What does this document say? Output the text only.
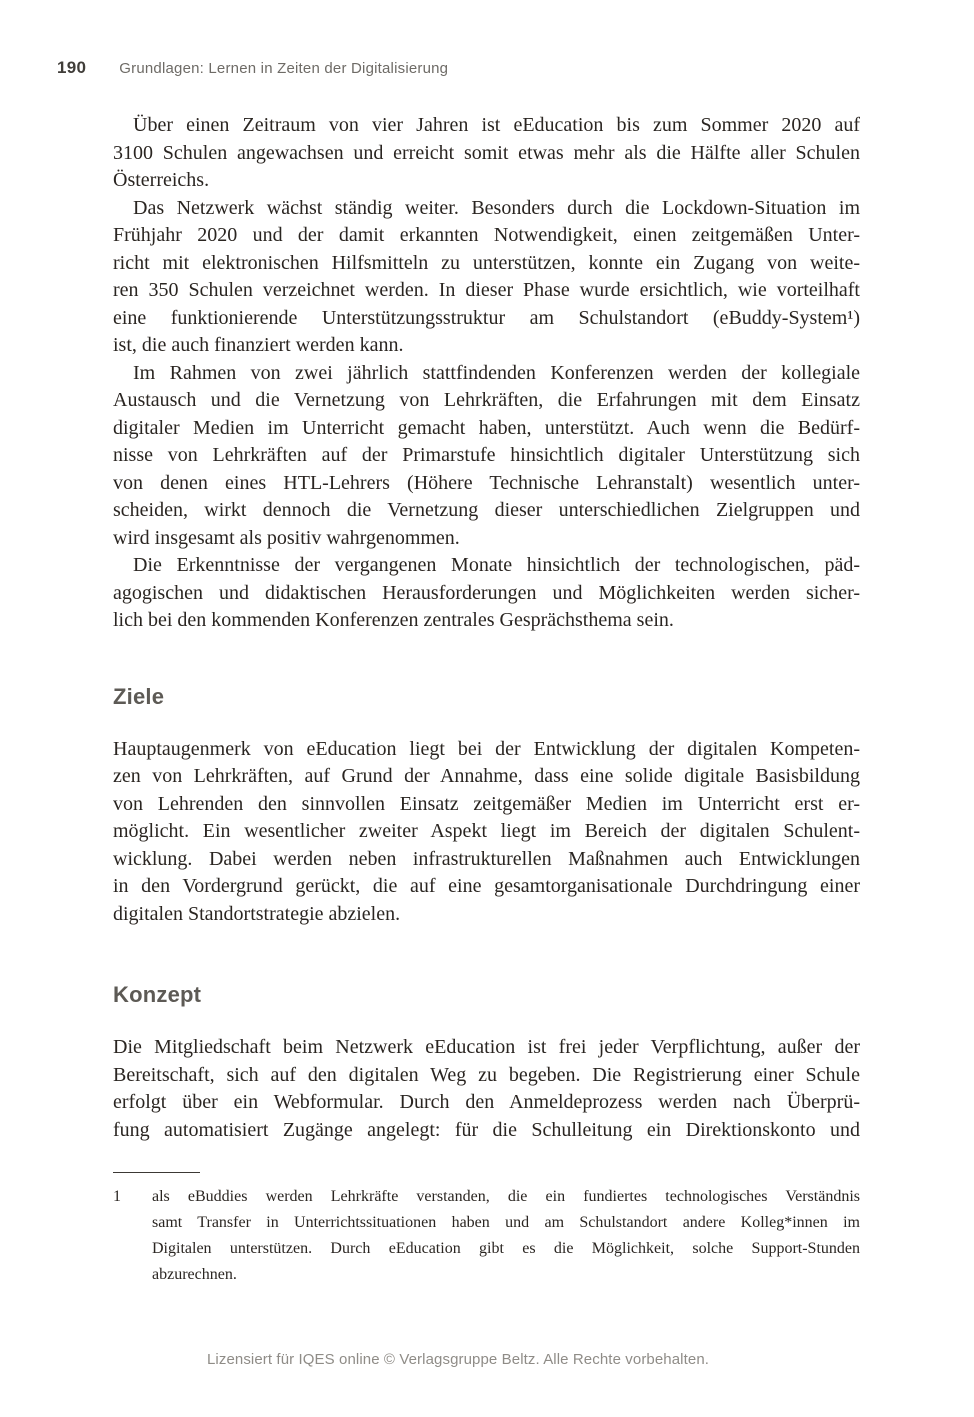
190 Grundlagen: Lernen in Zeiten der Digitalisierung
Über einen Zeitraum von vier Jahren ist eEducation bis zum Sommer 2020 auf
3100 Schulen angewachsen und erreicht somit etwas mehr als die Hälfte aller Schulen
Österreichs.
Das Netzwerk wächst ständig weiter. Besonders durch die Lockdown-Situation im
Frühjahr 2020 und der damit erkannten Notwendigkeit, einen zeitgemäßen Unter-
richt mit elektronischen Hilfsmitteln zu unterstützen, konnte ein Zugang von weite-
ren 350 Schulen verzeichnet werden. In dieser Phase wurde ersichtlich, wie vorteilhaft
eine funktionierende Unterstützungsstruktur am Schulstandort (eBuddy-System¹)
ist, die auch finanziert werden kann.
Im Rahmen von zwei jährlich stattfindenden Konferenzen werden der kollegiale
Austausch und die Vernetzung von Lehrkräften, die Erfahrungen mit dem Einsatz
digitaler Medien im Unterricht gemacht haben, unterstützt. Auch wenn die Bedürf-
nisse von Lehrkräften auf der Primarstufe hinsichtlich digitaler Unterstützung sich
von denen eines HTL-Lehrers (Höhere Technische Lehranstalt) wesentlich unter-
scheiden, wirkt dennoch die Vernetzung dieser unterschiedlichen Zielgruppen und
wird insgesamt als positiv wahrgenommen.
Die Erkenntnisse der vergangenen Monate hinsichtlich der technologischen, päd-
agogischen und didaktischen Herausforderungen und Möglichkeiten werden sicher-
lich bei den kommenden Konferenzen zentrales Gesprächsthema sein.
Ziele
Hauptaugenmerk von eEducation liegt bei der Entwicklung der digitalen Kompeten-
zen von Lehrkräften, auf Grund der Annahme, dass eine solide digitale Basisbildung
von Lehrenden den sinnvollen Einsatz zeitgemäßer Medien im Unterricht erst er-
möglicht. Ein wesentlicher zweiter Aspekt liegt im Bereich der digitalen Schulent-
wicklung. Dabei werden neben infrastrukturellen Maßnahmen auch Entwicklungen
in den Vordergrund gerückt, die auf eine gesamtorganisationale Durchdringung einer
digitalen Standortstrategie abzielen.
Konzept
Die Mitgliedschaft beim Netzwerk eEducation ist frei jeder Verpflichtung, außer der
Bereitschaft, sich auf den digitalen Weg zu begeben. Die Registrierung einer Schule
erfolgt über ein Webformular. Durch den Anmeldeprozess werden nach Überprü-
fung automatisiert Zugänge angelegt: für die Schulleitung ein Direktionskonto und
1 als eBuddies werden Lehrkräfte verstanden, die ein fundiertes technologisches Verständnis
samt Transfer in Unterrichtssituationen haben und am Schulstandort andere Kolleg*innen im
Digitalen unterstützen. Durch eEducation gibt es die Möglichkeit, solche Support-Stunden
abzurechnen.
Lizensiert für IQES online © Verlagsgruppe Beltz. Alle Rechte vorbehalten.
